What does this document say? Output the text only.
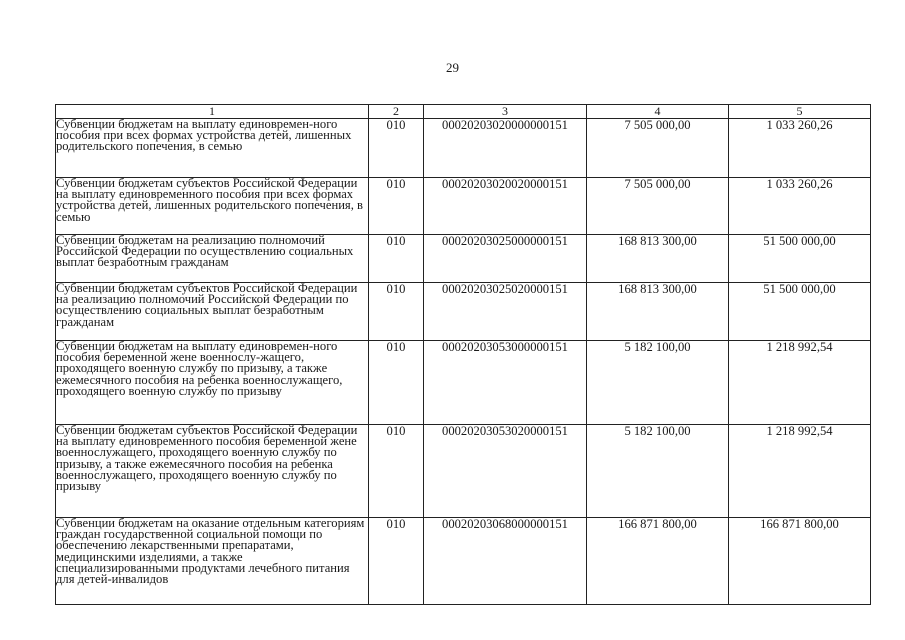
29
1	2	3	4	5
Субвенции бюджетам на выплату единовремен-ного пособия при всех формах устройства детей, лишенных родительского попечения, в семью	010	00020203020000000151	7 505 000,00	1 033 260,26
Субвенции бюджетам субъектов Российской Федерации на выплату единовременного пособия при всех формах устройства детей, лишенных родительского попечения, в семью	010	00020203020020000151	7 505 000,00	1 033 260,26
Субвенции бюджетам на реализацию полномочий Российской Федерации по осуществлению социальных выплат безработным гражданам	010	00020203025000000151	168 813 300,00	51 500 000,00
Субвенции бюджетам субъектов Российской Федерации на реализацию полномочий Российской Федерации по осуществлению социальных выплат безработным гражданам	010	00020203025020000151	168 813 300,00	51 500 000,00
Субвенции бюджетам на выплату единовремен-ного пособия беременной жене военнослу-жащего, проходящего военную службу по призыву, а также ежемесячного пособия на ребенка военнослужащего, проходящего военную службу по призыву	010	00020203053000000151	5 182 100,00	1 218 992,54
Субвенции бюджетам субъектов Российской Федерации на выплату единовременного пособия беременной жене военнослужащего, проходящего военную службу по призыву, а также ежемесячного пособия на ребенка военнослужащего, проходящего военную службу по призыву	010	00020203053020000151	5 182 100,00	1 218 992,54
Субвенции бюджетам на оказание отдельным категориям граждан государственной социальной помощи по обеспечению лекарственными препаратами, медицинскими изделиями, а также специализированными продуктами лечебного питания для детей-инвалидов	010	00020203068000000151	166 871 800,00	166 871 800,00
